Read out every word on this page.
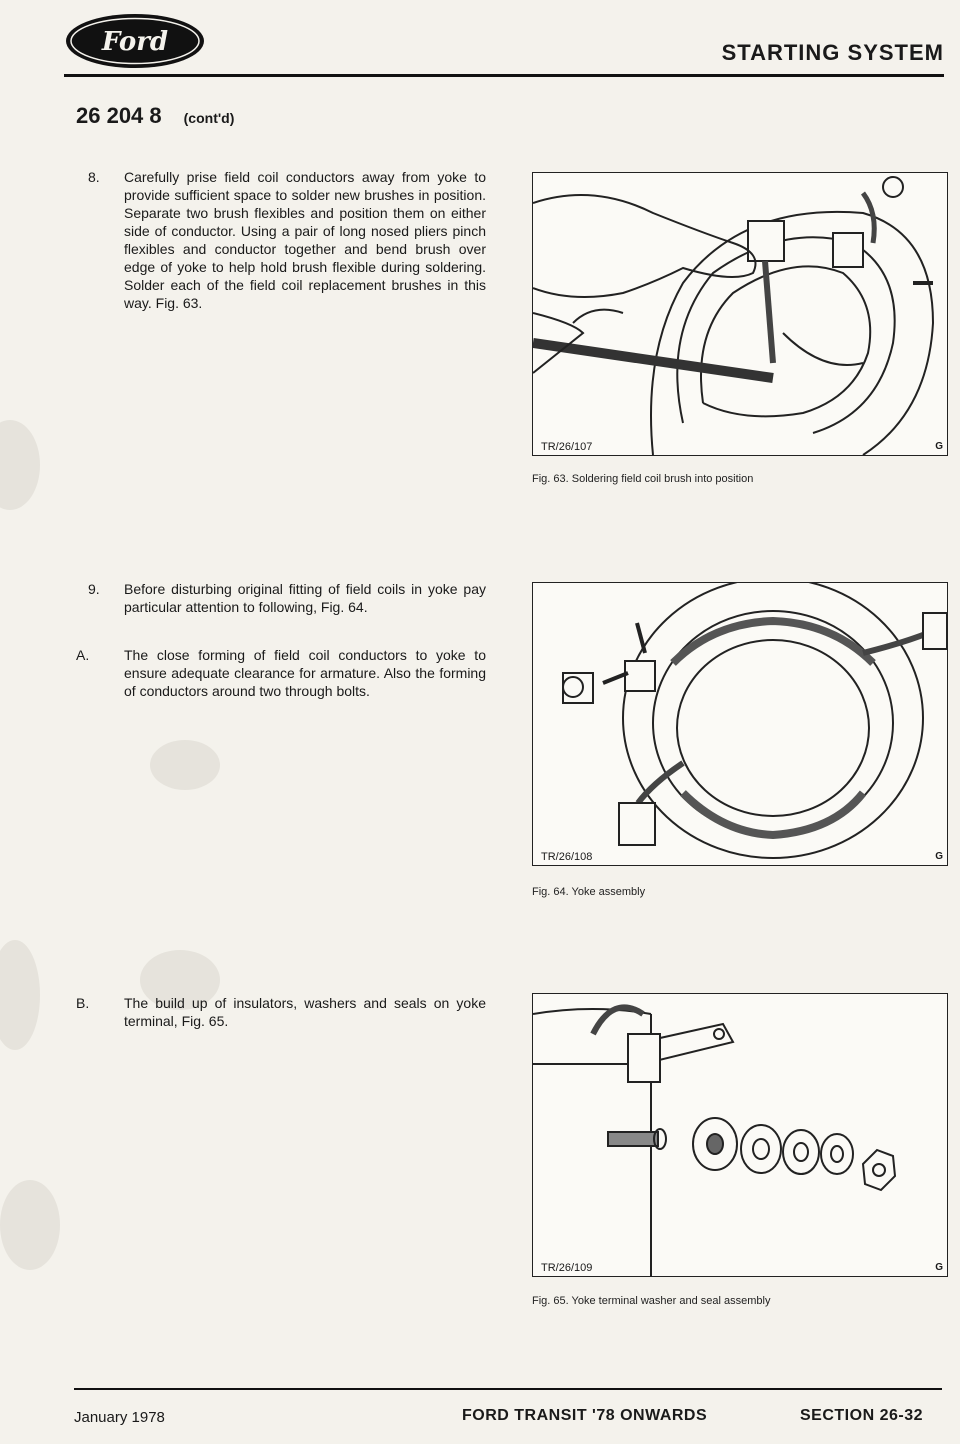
Ford	STARTING SYSTEM
26 204 8 (cont'd)
8.	Carefully prise field coil conductors away from yoke to provide sufficient space to solder new brushes in position. Separate two brush flexibles and position them on either side of conductor. Using a pair of long nosed pliers pinch flexibles and conductor together and bend brush over edge of yoke to help hold brush flexible during soldering. Solder each of the field coil replacement brushes in this way. Fig. 63.
9.	Before disturbing original fitting of field coils in yoke pay particular attention to following, Fig. 64.
A.	The close forming of field coil conductors to yoke to ensure adequate clearance for armature. Also the forming of conductors around two through bolts.
B.	The build up of insulators, washers and seals on yoke terminal, Fig. 65.
TR/26/107	G
Fig. 63. Soldering field coil brush into position
TR/26/108	G
Fig. 64. Yoke assembly
TR/26/109	G
Fig. 65. Yoke terminal washer and seal assembly
January 1978	FORD TRANSIT '78 ONWARDS	SECTION 26-32
